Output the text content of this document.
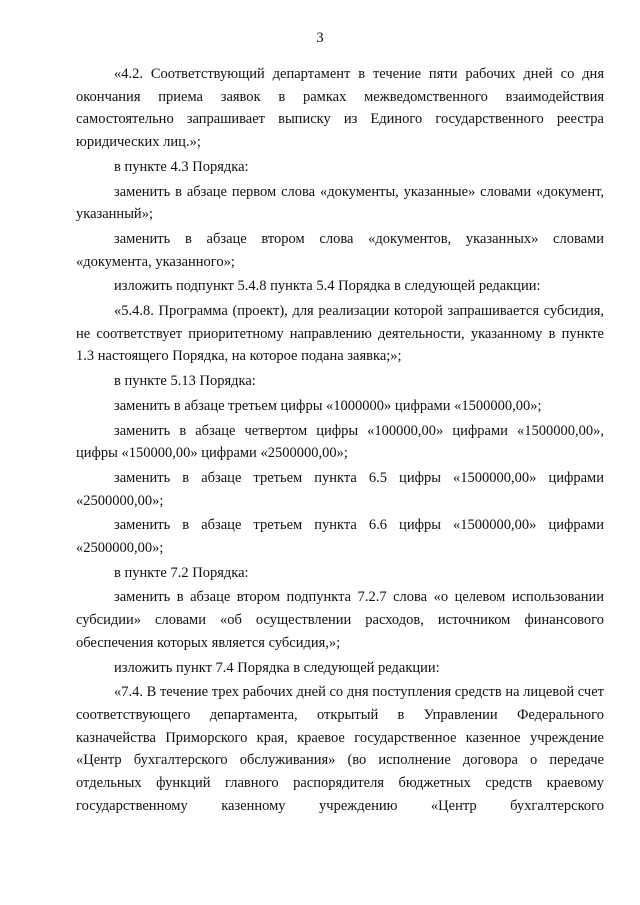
3

«4.2. Соответствующий департамент в течение пяти рабочих дней со дня окончания приема заявок в рамках межведомственного взаимодействия самостоятельно запрашивает выписку из Единого государственного реестра юридических лиц.»;

в пункте 4.3 Порядка:

заменить в абзаце первом слова «документы, указанные» словами «документ, указанный»;

заменить в абзаце втором слова «документов, указанных» словами «документа, указанного»;

изложить подпункт 5.4.8 пункта 5.4 Порядка в следующей редакции:

«5.4.8. Программа (проект), для реализации которой запрашивается субсидия, не соответствует приоритетному направлению деятельности, указанному в пункте 1.3 настоящего Порядка, на которое подана заявка;»;

в пункте 5.13 Порядка:

заменить в абзаце третьем цифры «1000000» цифрами «1500000,00»;

заменить в абзаце четвертом цифры «100000,00» цифрами «1500000,00», цифры «150000,00» цифрами «2500000,00»;

заменить в абзаце третьем пункта 6.5 цифры «1500000,00» цифрами «2500000,00»;

заменить в абзаце третьем пункта 6.6 цифры «1500000,00» цифрами «2500000,00»;

в пункте 7.2 Порядка:

заменить в абзаце втором подпункта 7.2.7 слова «о целевом использовании субсидии» словами «об осуществлении расходов, источником финансового обеспечения которых является субсидия,»;

изложить пункт 7.4 Порядка в следующей редакции:

«7.4. В течение трех рабочих дней со дня поступления средств на лицевой счет соответствующего департамента, открытый в Управлении Федерального казначейства Приморского края, краевое государственное казенное учреждение «Центр бухгалтерского обслуживания» (во исполнение договора о передаче отдельных функций главного распорядителя бюджетных средств краевому государственному казенному учреждению «Центр бухгалтерского
